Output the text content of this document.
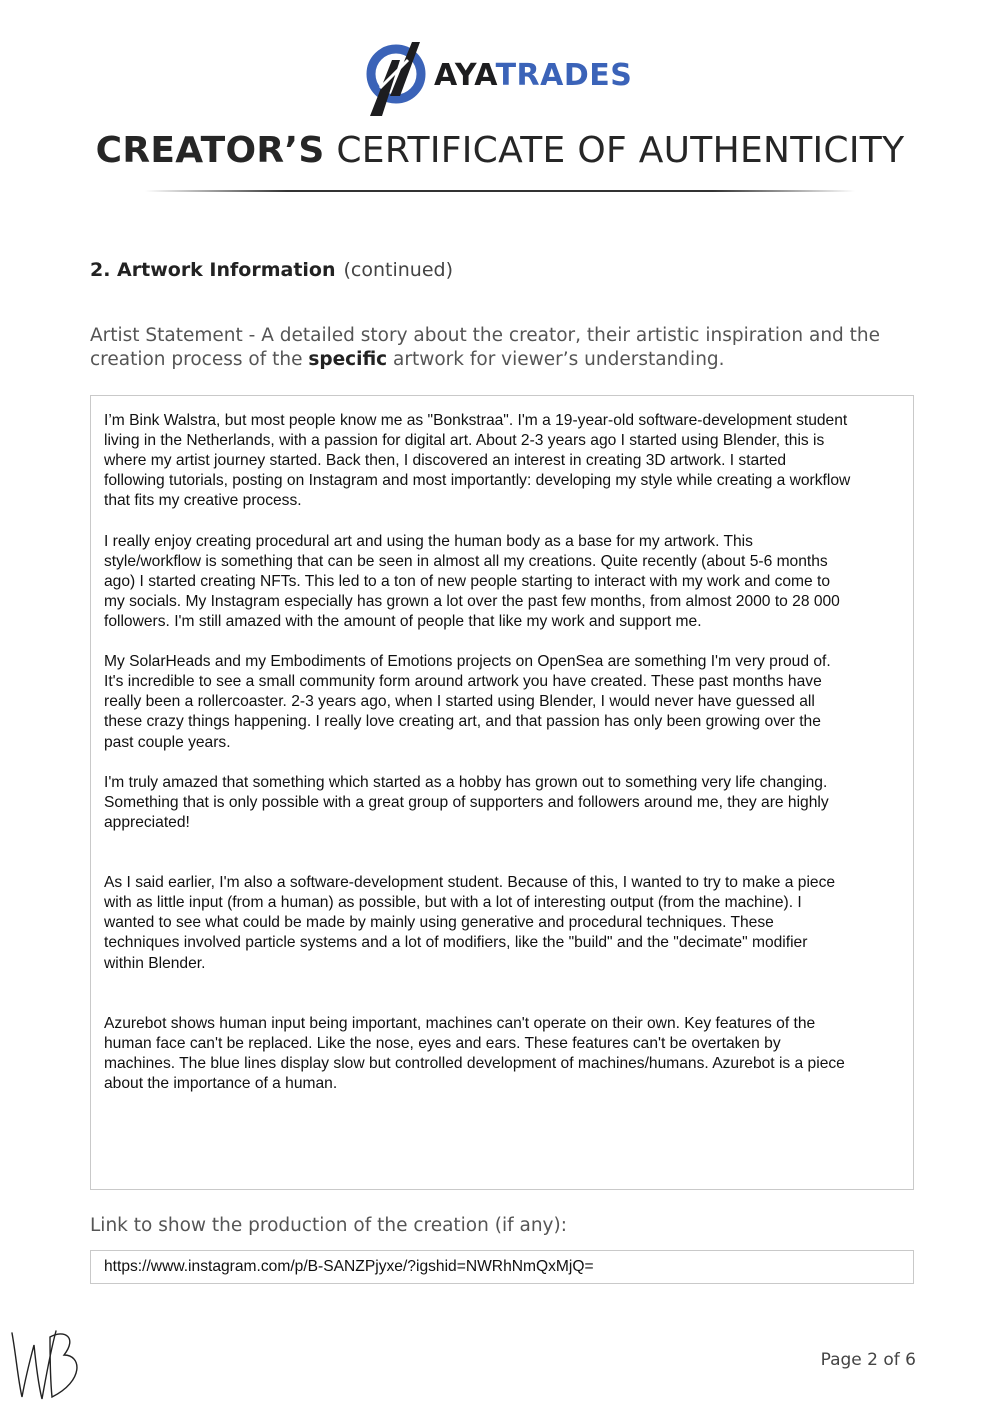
AYATRADES
CREATOR’S CERTIFICATE OF AUTHENTICITY
2. Artwork Information (continued)
Artist Statement - A detailed story about the creator, their artistic inspiration and the creation process of the specific artwork for viewer’s understanding.

I’m Bink Walstra, but most people know me as "Bonkstraa". I'm a 19-year-old software-development student
living in the Netherlands, with a passion for digital art. About 2-3 years ago I started using Blender, this is
where my artist journey started. Back then, I discovered an interest in creating 3D artwork. I started
following tutorials, posting on Instagram and most importantly: developing my style while creating a workflow
that fits my creative process.

I really enjoy creating procedural art and using the human body as a base for my artwork. This
style/workflow is something that can be seen in almost all my creations. Quite recently (about 5-6 months
ago) I started creating NFTs. This led to a ton of new people starting to interact with my work and come to
my socials. My Instagram especially has grown a lot over the past few months, from almost 2000 to 28 000
followers. I'm still amazed with the amount of people that like my work and support me.

My SolarHeads and my Embodiments of Emotions projects on OpenSea are something I'm very proud of.
It's incredible to see a small community form around artwork you have created. These past months have
really been a rollercoaster. 2-3 years ago, when I started using Blender, I would never have guessed all
these crazy things happening. I really love creating art, and that passion has only been growing over the
past couple years.

I'm truly amazed that something which started as a hobby has grown out to something very life changing.
Something that is only possible with a great group of supporters and followers around me, they are highly
appreciated!

As I said earlier, I'm also a software-development student. Because of this, I wanted to try to make a piece
with as little input (from a human) as possible, but with a lot of interesting output (from the machine). I
wanted to see what could be made by mainly using generative and procedural techniques. These
techniques involved particle systems and a lot of modifiers, like the "build" and the "decimate" modifier
within Blender.

Azurebot shows human input being important, machines can't operate on their own. Key features of the
human face can't be replaced. Like the nose, eyes and ears. These features can't be overtaken by
machines. The blue lines display slow but controlled development of machines/humans. Azurebot is a piece
about the importance of a human.

Link to show the production of the creation (if any):
https://www.instagram.com/p/B-SANZPjyxe/?igshid=NWRhNmQxMjQ=
Page 2 of 6
